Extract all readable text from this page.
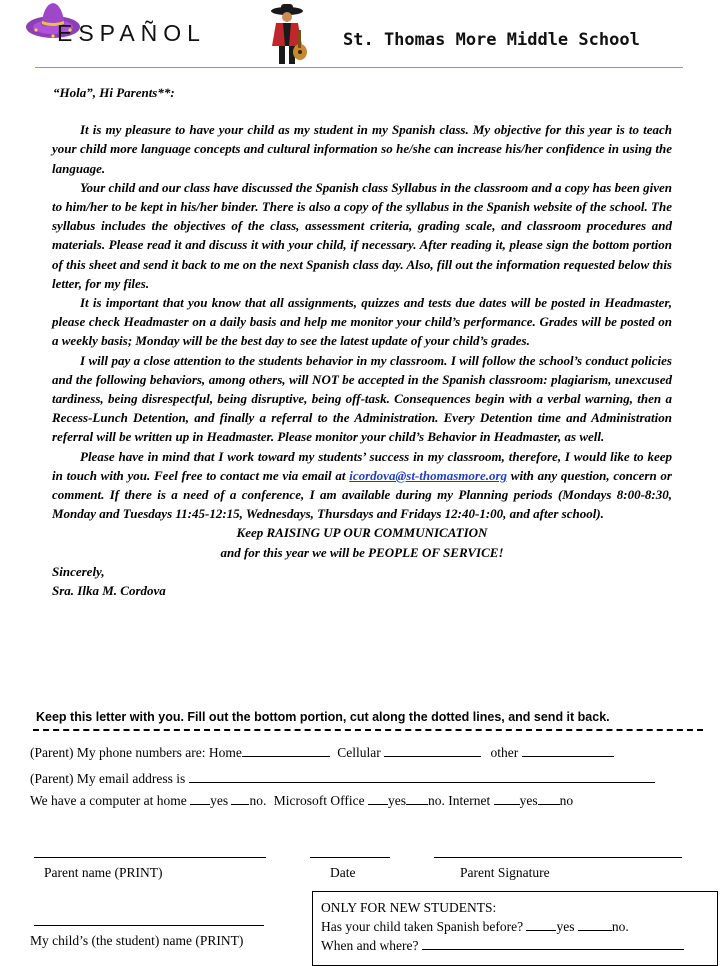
ESPAÑOL	St. Thomas More Middle School
“Hola”, Hi Parents**:

It is my pleasure to have your child as my student in my Spanish class. My objective for this year is to teach your child more language concepts and cultural information so he/she can increase his/her confidence in using the language.

Your child and our class have discussed the Spanish class Syllabus in the classroom and a copy has been given to him/her to be kept in his/her binder. There is also a copy of the syllabus in the Spanish website of the school. The syllabus includes the objectives of the class, assessment criteria, grading scale, and classroom procedures and materials. Please read it and discuss it with your child, if necessary. After reading it, please sign the bottom portion of this sheet and send it back to me on the next Spanish class day. Also, fill out the information requested below this letter, for my files.

It is important that you know that all assignments, quizzes and tests due dates will be posted in Headmaster, please check Headmaster on a daily basis and help me monitor your child’s performance. Grades will be posted on a weekly basis; Monday will be the best day to see the latest update of your child’s grades.

I will pay a close attention to the students behavior in my classroom. I will follow the school’s conduct policies and the following behaviors, among others, will NOT be accepted in the Spanish classroom: plagiarism, unexcused tardiness, being disrespectful, being disruptive, being off-task. Consequences begin with a verbal warning, then a Recess-Lunch Detention, and finally a referral to the Administration. Every Detention time and Administration referral will be written up in Headmaster. Please monitor your child’s Behavior in Headmaster, as well.

Please have in mind that I work toward my students’ success in my classroom, therefore, I would like to keep in touch with you. Feel free to contact me via email at icordova@st-thomasmore.org with any question, concern or comment. If there is a need of a conference, I am available during my Planning periods (Mondays 8:00-8:30, Monday and Tuesdays 11:45-12:15, Wednesdays, Thursdays and Fridays 12:40-1:00, and after school).

Keep RAISING UP OUR COMMUNICATION
and for this year we will be PEOPLE OF SERVICE!
Sincerely,
Sra. Ilka M. Cordova
Keep this letter with you. Fill out the bottom portion, cut along the dotted lines, and send it back.
(Parent) My phone numbers are: Home	Cellular	other
(Parent) My email address is
We have a computer at home yes no. Microsoft Office yes no. Internet yes no
Parent name (PRINT)	Date	Parent Signature
My child’s (the student) name (PRINT)
ONLY FOR NEW STUDENTS:
Has your child taken Spanish before? yes	no.
When and where?
